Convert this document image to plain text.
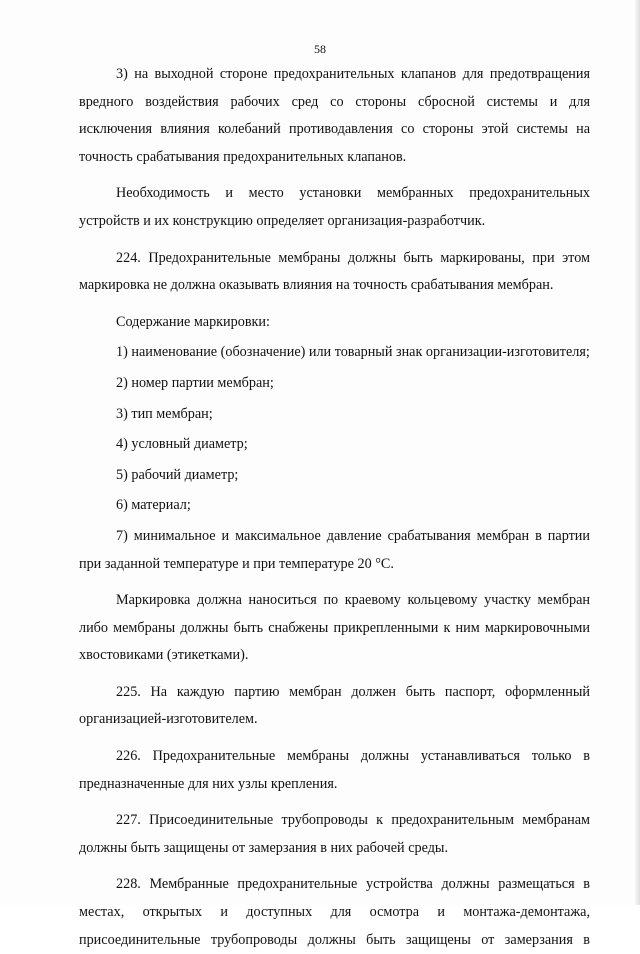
58

3) на выходной стороне предохранительных клапанов для предотвращения вредного воздействия рабочих сред со стороны сбросной системы и для исключения влияния колебаний противодавления со стороны этой системы на точность срабатывания предохранительных клапанов.

Необходимость и место установки мембранных предохранительных устройств и их конструкцию определяет организация-разработчик.

224. Предохранительные мембраны должны быть маркированы, при этом маркировка не должна оказывать влияния на точность срабатывания мембран.

Содержание маркировки:

1) наименование (обозначение) или товарный знак организации-изготовителя;

2) номер партии мембран;

3) тип мембран;

4) условный диаметр;

5) рабочий диаметр;

6) материал;

7) минимальное и максимальное давление срабатывания мембран в партии при заданной температуре и при температуре 20 °С.

Маркировка должна наноситься по краевому кольцевому участку мембран либо мембраны должны быть снабжены прикрепленными к ним маркировочными хвостовиками (этикетками).

225. На каждую партию мембран должен быть паспорт, оформленный организацией-изготовителем.

226. Предохранительные мембраны должны устанавливаться только в предназначенные для них узлы крепления.

227. Присоединительные трубопроводы к предохранительным мембранам должны быть защищены от замерзания в них рабочей среды.

228. Мембранные предохранительные устройства должны размещаться в местах, открытых и доступных для осмотра и монтажа-демонтажа, присоединительные трубопроводы должны быть защищены от замерзания в
